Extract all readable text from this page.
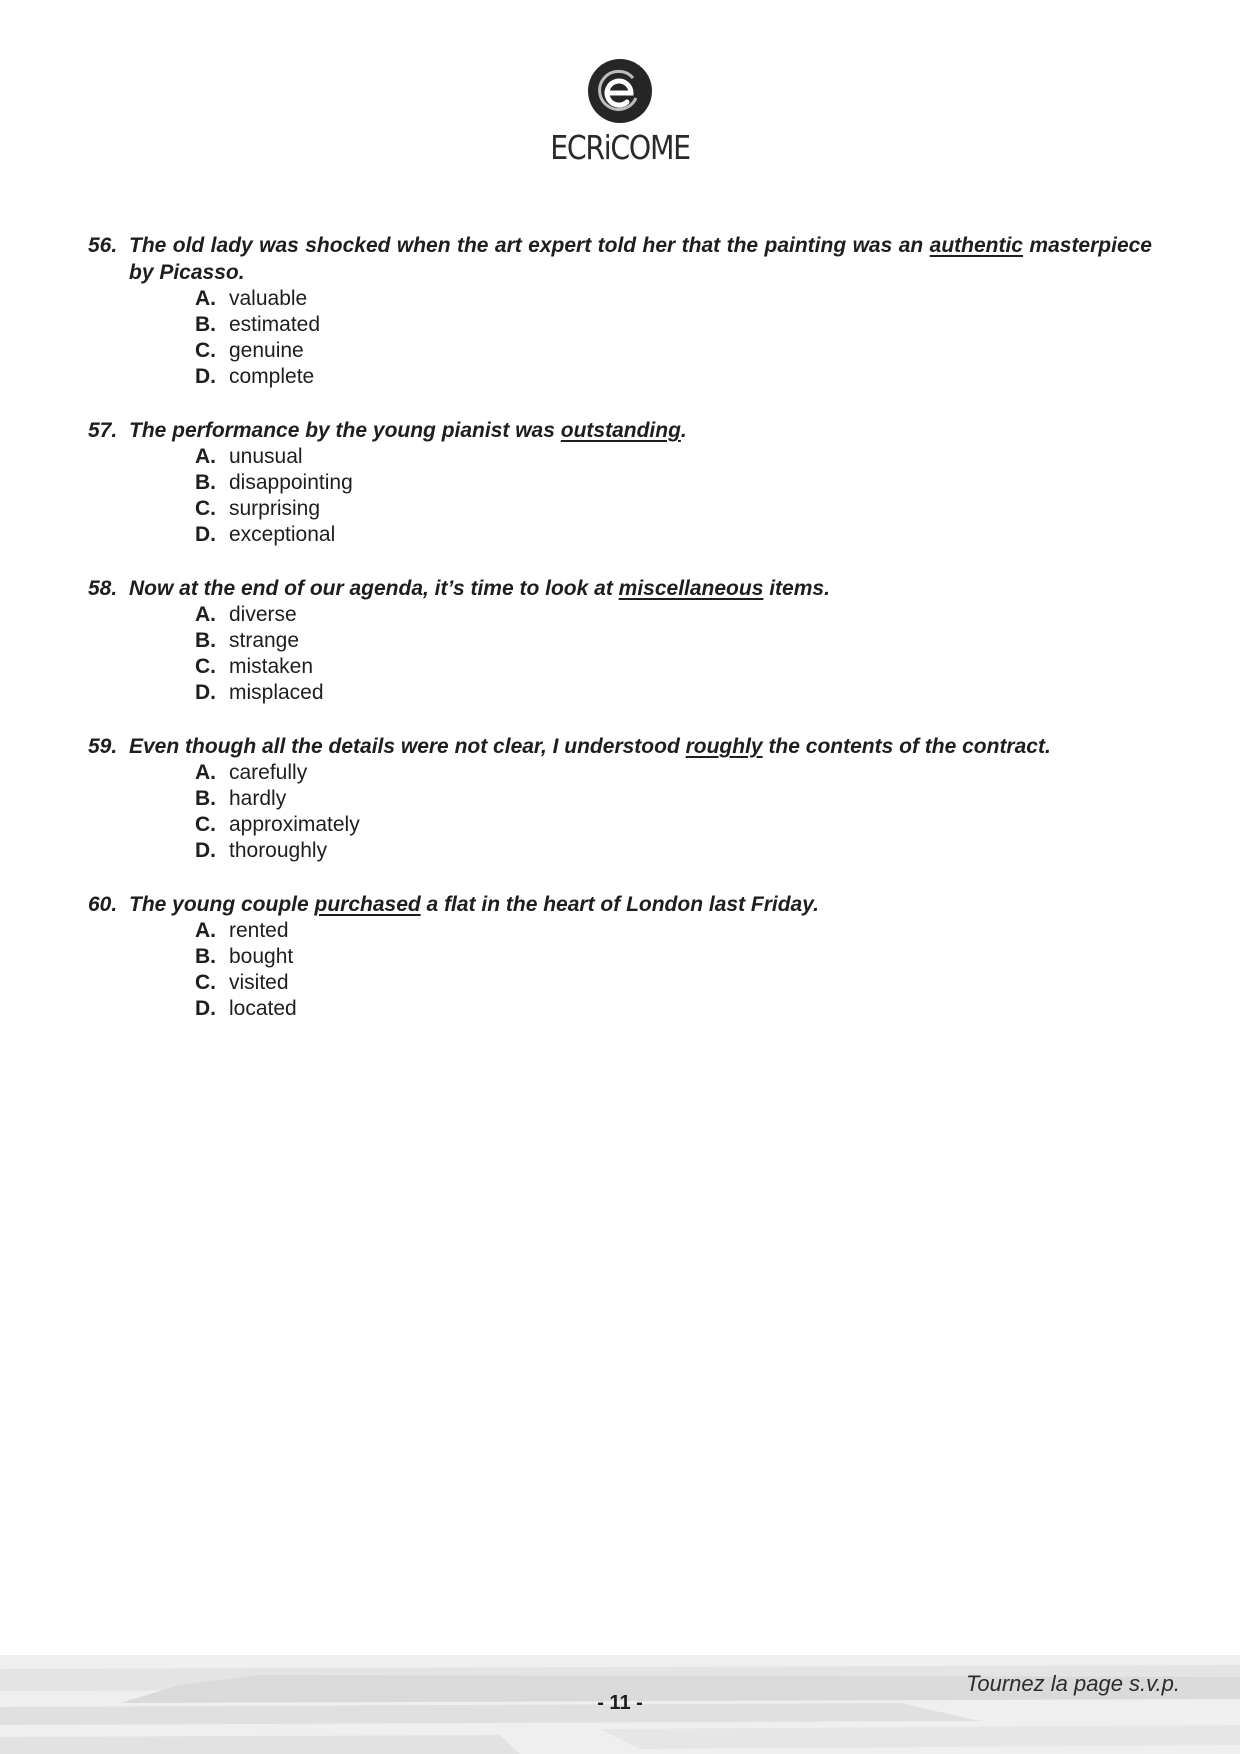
ECRiCOME
56. The old lady was shocked when the art expert told her that the painting was an authentic masterpiece by Picasso.
A. valuable
B. estimated
C. genuine
D. complete
57. The performance by the young pianist was outstanding.
A. unusual
B. disappointing
C. surprising
D. exceptional
58. Now at the end of our agenda, it’s time to look at miscellaneous items.
A. diverse
B. strange
C. mistaken
D. misplaced
59. Even though all the details were not clear, I understood roughly the contents of the contract.
A. carefully
B. hardly
C. approximately
D. thoroughly
60. The young couple purchased a flat in the heart of London last Friday.
A. rented
B. bought
C. visited
D. located
Tournez la page s.v.p.
- 11 -
